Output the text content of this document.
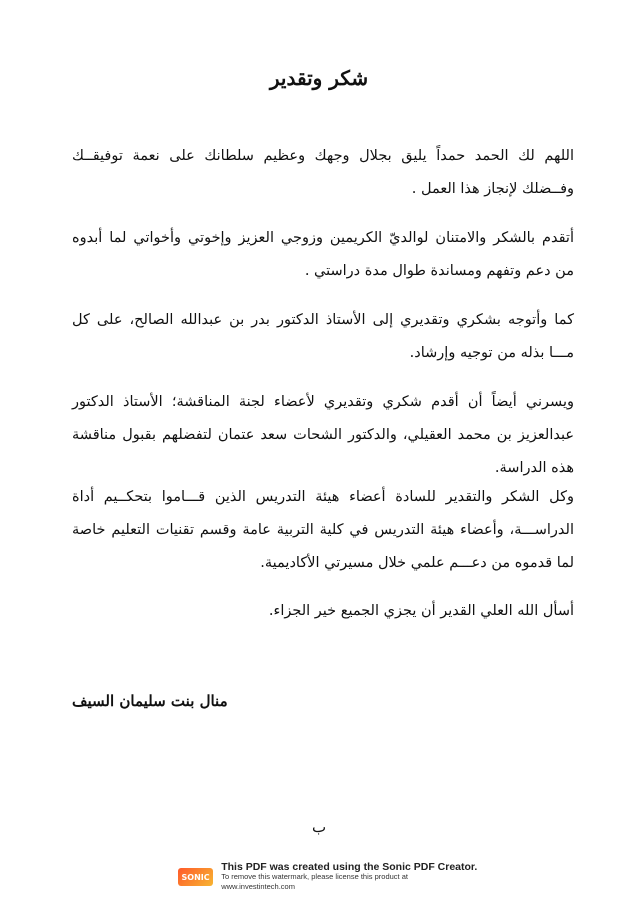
شكر وتقدير

اللهم لك الحمد حمداً يليق بجلال وجهك وعظيم سلطانك على نعمة توفيقــك وفــضلك لإنجاز هذا العمل .

أتقدم بالشكر والامتنان لوالديّ الكريمين وزوجي العزيز وإخوتي وأخواتي لما أبدوه من دعم وتفهم ومساندة طوال مدة دراستي .

كما وأتوجه بشكري وتقديري إلى الأستاذ الدكتور بدر بن عبدالله الصالح، على كل مـــا بذله من توجيه وإرشاد.

ويسرني أيضاً أن أقدم شكري وتقديري لأعضاء لجنة المناقشة؛ الأستاذ الدكتور عبدالعزيز بن محمد العقيلي، والدكتور الشحات سعد عتمان لتفضلهم بقبول مناقشة هذه الدراسة.

وكل الشكر والتقدير للسادة أعضاء هيئة التدريس الذين قـــاموا بتحكــيم أداة الدراســـة، وأعضاء هيئة التدريس في كلية التربية عامة وقسم تقنيات التعليم خاصة لما قدموه من دعـــم علمي خلال مسيرتي الأكاديمية.

أسأل الله العلي القدير أن يجزي الجميع خير الجزاء.

منال بنت سليمان السيف
ب
SONIC
This PDF was created using the Sonic PDF Creator.
To remove this watermark, please license this product at www.investintech.com
